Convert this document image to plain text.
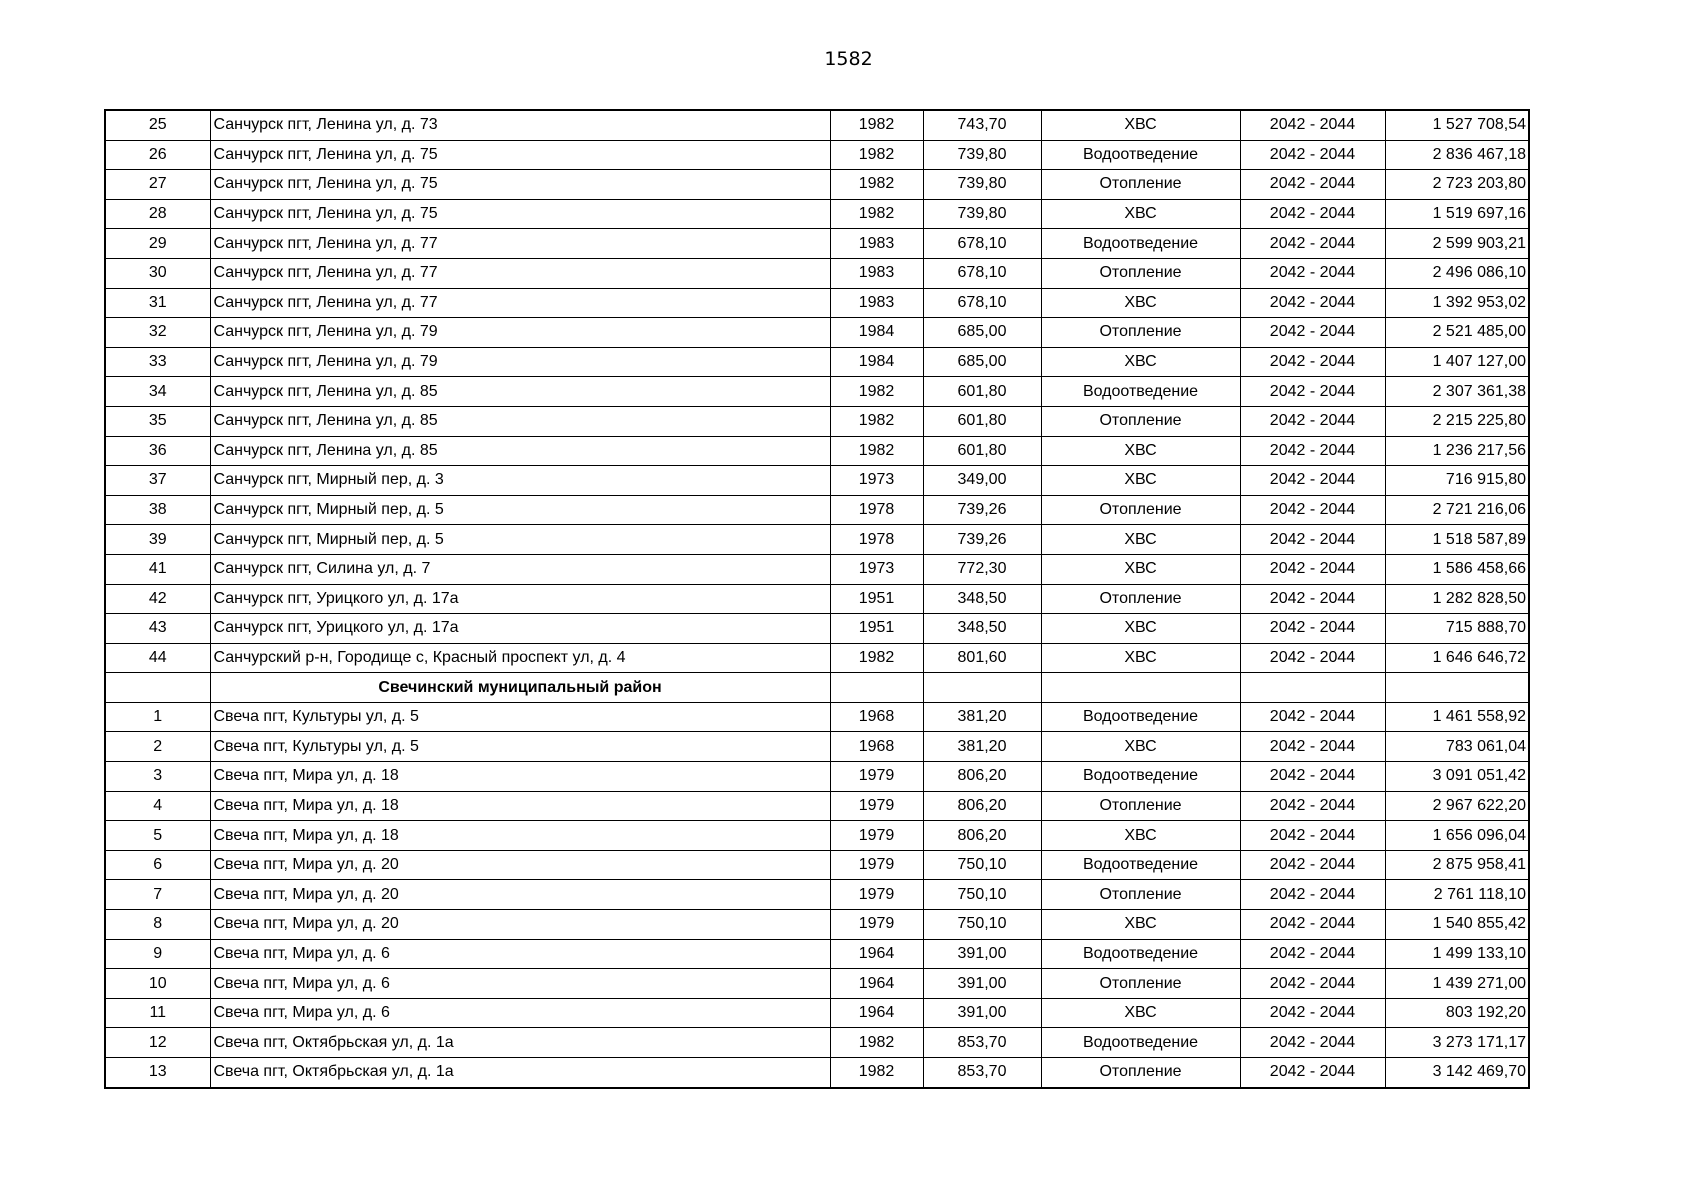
1582
25	Санчурск пгт, Ленина ул, д. 73	1982	743,70	ХВС	2042 - 2044	1 527 708,54
26	Санчурск пгт, Ленина ул, д. 75	1982	739,80	Водоотведение	2042 - 2044	2 836 467,18
27	Санчурск пгт, Ленина ул, д. 75	1982	739,80	Отопление	2042 - 2044	2 723 203,80
28	Санчурск пгт, Ленина ул, д. 75	1982	739,80	ХВС	2042 - 2044	1 519 697,16
29	Санчурск пгт, Ленина ул, д. 77	1983	678,10	Водоотведение	2042 - 2044	2 599 903,21
30	Санчурск пгт, Ленина ул, д. 77	1983	678,10	Отопление	2042 - 2044	2 496 086,10
31	Санчурск пгт, Ленина ул, д. 77	1983	678,10	ХВС	2042 - 2044	1 392 953,02
32	Санчурск пгт, Ленина ул, д. 79	1984	685,00	Отопление	2042 - 2044	2 521 485,00
33	Санчурск пгт, Ленина ул, д. 79	1984	685,00	ХВС	2042 - 2044	1 407 127,00
34	Санчурск пгт, Ленина ул, д. 85	1982	601,80	Водоотведение	2042 - 2044	2 307 361,38
35	Санчурск пгт, Ленина ул, д. 85	1982	601,80	Отопление	2042 - 2044	2 215 225,80
36	Санчурск пгт, Ленина ул, д. 85	1982	601,80	ХВС	2042 - 2044	1 236 217,56
37	Санчурск пгт, Мирный пер, д. 3	1973	349,00	ХВС	2042 - 2044	716 915,80
38	Санчурск пгт, Мирный пер, д. 5	1978	739,26	Отопление	2042 - 2044	2 721 216,06
39	Санчурск пгт, Мирный пер, д. 5	1978	739,26	ХВС	2042 - 2044	1 518 587,89
41	Санчурск пгт, Силина ул, д. 7	1973	772,30	ХВС	2042 - 2044	1 586 458,66
42	Санчурск пгт, Урицкого ул, д. 17а	1951	348,50	Отопление	2042 - 2044	1 282 828,50
43	Санчурск пгт, Урицкого ул, д. 17а	1951	348,50	ХВС	2042 - 2044	715 888,70
44	Санчурский р-н, Городище с, Красный проспект ул, д. 4	1982	801,60	ХВС	2042 - 2044	1 646 646,72
	Свечинский муниципальный район					
1	Свеча пгт, Культуры ул, д. 5	1968	381,20	Водоотведение	2042 - 2044	1 461 558,92
2	Свеча пгт, Культуры ул, д. 5	1968	381,20	ХВС	2042 - 2044	783 061,04
3	Свеча пгт, Мира ул, д. 18	1979	806,20	Водоотведение	2042 - 2044	3 091 051,42
4	Свеча пгт, Мира ул, д. 18	1979	806,20	Отопление	2042 - 2044	2 967 622,20
5	Свеча пгт, Мира ул, д. 18	1979	806,20	ХВС	2042 - 2044	1 656 096,04
6	Свеча пгт, Мира ул, д. 20	1979	750,10	Водоотведение	2042 - 2044	2 875 958,41
7	Свеча пгт, Мира ул, д. 20	1979	750,10	Отопление	2042 - 2044	2 761 118,10
8	Свеча пгт, Мира ул, д. 20	1979	750,10	ХВС	2042 - 2044	1 540 855,42
9	Свеча пгт, Мира ул, д. 6	1964	391,00	Водоотведение	2042 - 2044	1 499 133,10
10	Свеча пгт, Мира ул, д. 6	1964	391,00	Отопление	2042 - 2044	1 439 271,00
11	Свеча пгт, Мира ул, д. 6	1964	391,00	ХВС	2042 - 2044	803 192,20
12	Свеча пгт, Октябрьская ул, д. 1а	1982	853,70	Водоотведение	2042 - 2044	3 273 171,17
13	Свеча пгт, Октябрьская ул, д. 1а	1982	853,70	Отопление	2042 - 2044	3 142 469,70
